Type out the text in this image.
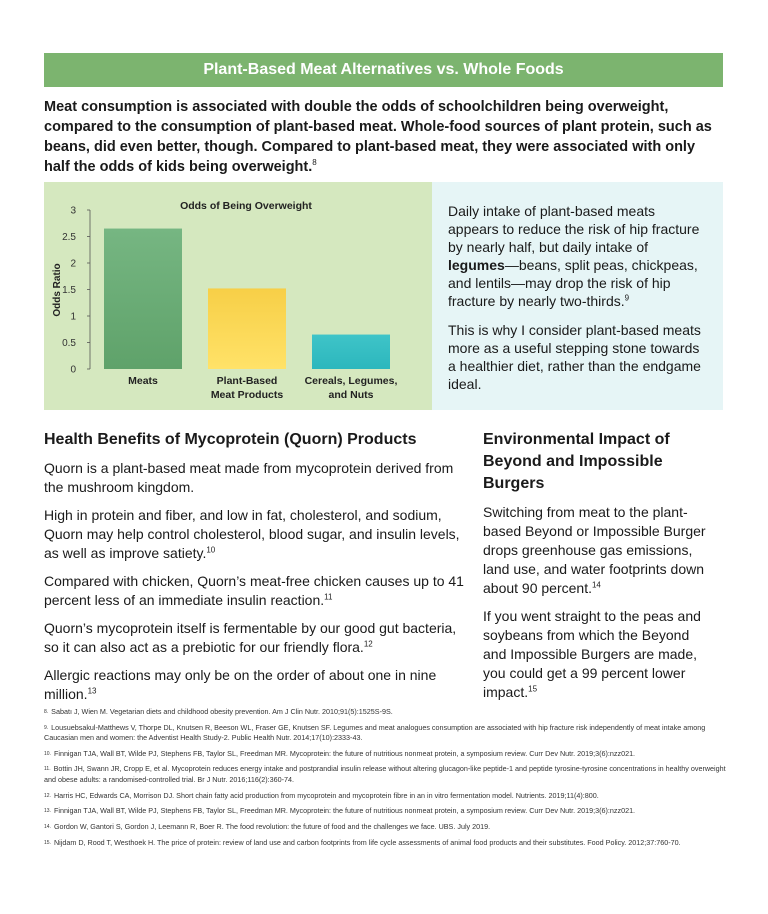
Plant-Based Meat Alternatives vs. Whole Foods

Meat consumption is associated with double the odds of schoolchildren being overweight, compared to the consumption of plant-based meat. Whole-food sources of plant protein, such as beans, did even better, though. Compared to plant-based meat, they were associated with only half the odds of kids being overweight.$^8$

Odds of Being Overweight
Odds Ratio
0
0.5
1
1.5
2
2.5
3
Meats	Plant-Based
Meat Products
Cereals, Legumes,
and Nuts

Daily intake of plant-based meats appears to reduce the risk of hip fracture by nearly half, but daily intake of legumes—beans, split peas, chickpeas, and lentils—may drop the risk of hip fracture by nearly two-thirds.$^9$

This is why I consider plant-based meats more as a useful stepping stone towards a healthier diet, rather than the endgame ideal.

Health Benefits of Mycoprotein (Quorn) Products

Quorn is a plant-based meat made from mycoprotein derived from the mushroom kingdom.

High in protein and fiber, and low in fat, cholesterol, and sodium, Quorn may help control cholesterol, blood sugar, and insulin levels, as well as improve satiety.$^{10}$

Compared with chicken, Quorn’s meat-free chicken causes up to 41 percent less of an immediate insulin reaction.$^{11}$

Quorn’s mycoprotein itself is fermentable by our good gut bacteria, so it can also act as a prebiotic for our friendly flora.$^{12}$

Allergic reactions may only be on the order of about one in nine million.$^{13}$

Environmental Impact of Beyond and Impossible Burgers

Switching from meat to the plant-based Beyond or Impossible Burger drops greenhouse gas emissions, land use, and water footprints down about 90 percent.$^{14}$

If you went straight to the peas and soybeans from which the Beyond and Impossible Burgers are made, you could get a 99 percent lower impact.$^{15}$

8. Sabatı J, Wien M. Vegetarian diets and childhood obesity prevention. Am J Clin Nutr. 2010;91(5):1525S-9S.
9. Lousuebsakul-Matthews V, Thorpe DL, Knutsen R, Beeson WL, Fraser GE, Knutsen SF. Legumes and meat analogues consumption are associated with hip fracture risk independently of meat intake among Caucasian men and women: the Adventist Health Study-2. Public Health Nutr. 2014;17(10):2333-43.
10. Finnigan TJA, Wall BT, Wilde PJ, Stephens FB, Taylor SL, Freedman MR. Mycoprotein: the future of nutritious nonmeat protein, a symposium review. Curr Dev Nutr. 2019;3(6):nzz021.
11. Bottin JH, Swann JR, Cropp E, et al. Mycoprotein reduces energy intake and postprandial insulin release without altering glucagon-like peptide-1 and peptide tyrosine-tyrosine concentrations in healthy overweight and obese adults: a randomised-controlled trial. Br J Nutr. 2016;116(2):360-74.
12. Harris HC, Edwards CA, Morrison DJ. Short chain fatty acid production from mycoprotein and mycoprotein fibre in an in vitro fermentation model. Nutrients. 2019;11(4):800.
13. Finnigan TJA, Wall BT, Wilde PJ, Stephens FB, Taylor SL, Freedman MR. Mycoprotein: the future of nutritious nonmeat protein, a symposium review. Curr Dev Nutr. 2019;3(6):nzz021.
14. Gordon W, Gantori S, Gordon J, Leemann R, Boer R. The food revolution: the future of food and the challenges we face. UBS. July 2019.
15. Nijdam D, Rood T, Westhoek H. The price of protein: review of land use and carbon footprints from life cycle assessments of animal food products and their substitutes. Food Policy. 2012;37:760-70.
